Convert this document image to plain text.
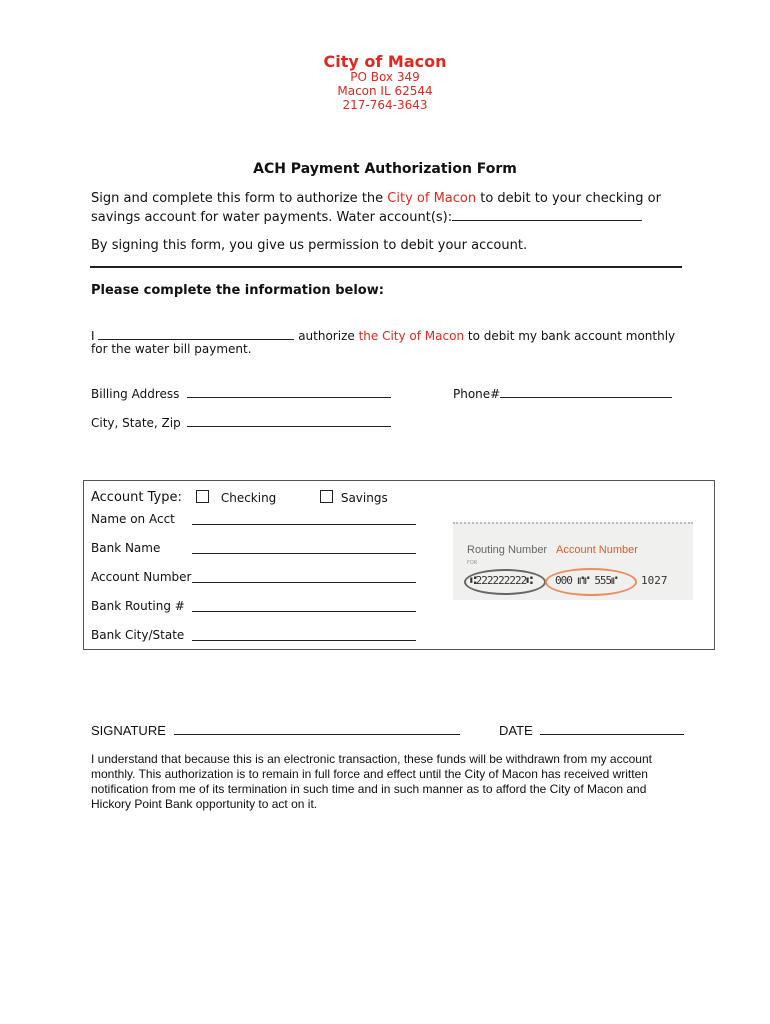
City of Macon
PO Box 349
Macon IL 62544
217-764-3643
ACH Payment Authorization Form
Sign and complete this form to authorize the City of Macon to debit to your checking or
savings account for water payments. Water account(s):
By signing this form, you give us permission to debit your account.
Please complete the information below:
I	authorize the City of Macon to debit my bank account monthly
for the water bill payment.
Billing Address	Phone#
City, State, Zip
Account Type:	Checking	Savings
Name on Acct
Bank Name
Account Number
Bank Routing #
Bank City/State
Routing Number Account Number
FOR
⑆222222222⑆ 000 ⑈⑈ 555⑈ 1027
SIGNATURE	DATE
I understand that because this is an electronic transaction, these funds will be withdrawn from my account
monthly. This authorization is to remain in full force and effect until the City of Macon has received written
notification from me of its termination in such time and in such manner as to afford the City of Macon and
Hickory Point Bank opportunity to act on it.
